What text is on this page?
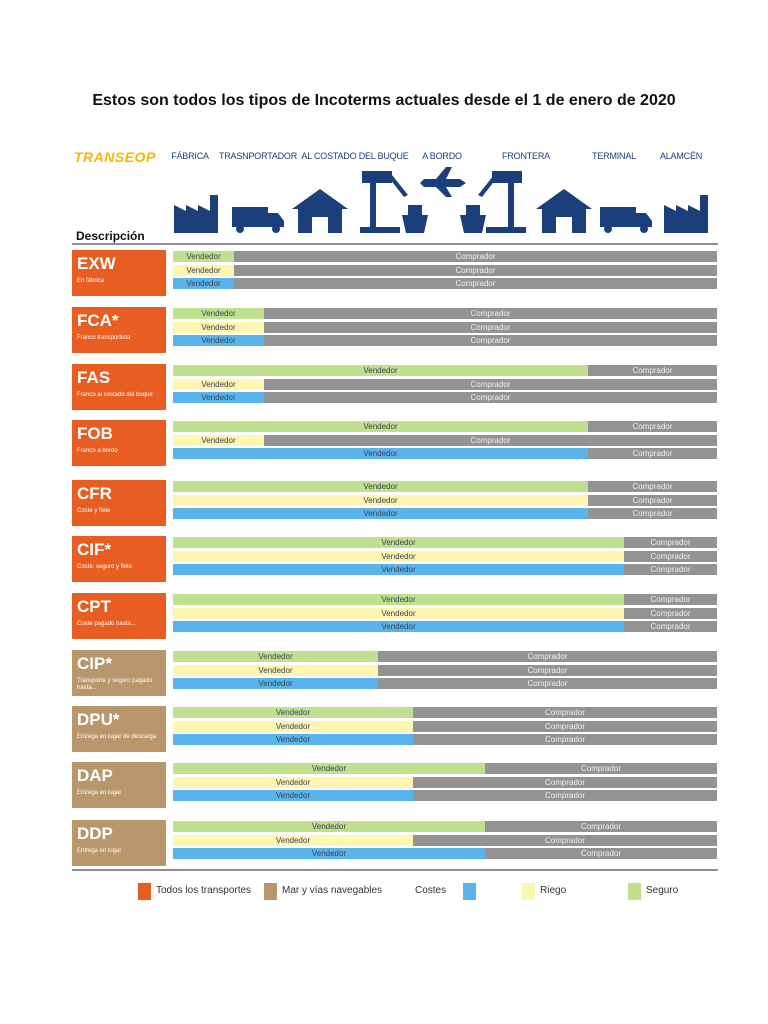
Estos son todos los tipos de Incoterms actuales desde el 1 de enero de 2020
TRANSEOP FÁBRICA TRASNPORTADOR AL COSTADO DEL BUQUE A BORDO	FRONTERA	TERMINAL	ALAMCÉN
Descripción
EXW
En fábrica
Vendedor	Comprador
Vendedor	Comprador
Vendedor	Comprador
FCA*
Franco transportista
Vendedor	Comprador
Vendedor	Comprador
Vendedor	Comprador
FAS
Franco al costado del buque
Vendedor	Comprador
Vendedor	Comprador
Vendedor	Comprador
FOB
Franco a bordo
Vendedor	Comprador
Vendedor	Comprador
Vendedor	Comprador
CFR
Coste y flete
Vendedor	Comprador
Vendedor	Comprador
Vendedor	Comprador
CIF*
Coste, seguro y flete
Vendedor	Comprador
Vendedor	Comprador
Vendedor	Comprador
CPT
Coste pagado hasta...
Vendedor	Comprador
Vendedor	Comprador
Vendedor	Comprador
CIP*
Transporte y seguro pagado hasta...
Vendedor	Comprador
Vendedor	Comprador
Vendedor	Comprador
DPU*
Entrega en lugar de descarga
Vendedor	Comprador
Vendedor	Comprador
Vendedor	Comprador
DAP
Entrega en lugar
Vendedor	Comprador
Vendedor	Comprador
Vendedor	Comprador
DDP
Entrega en lugar
Vendedor	Comprador
Vendedor	Comprador
Vendedor	Comprador
Todos los transportes	Mar y vías navegables	Costes	Riego	Seguro
